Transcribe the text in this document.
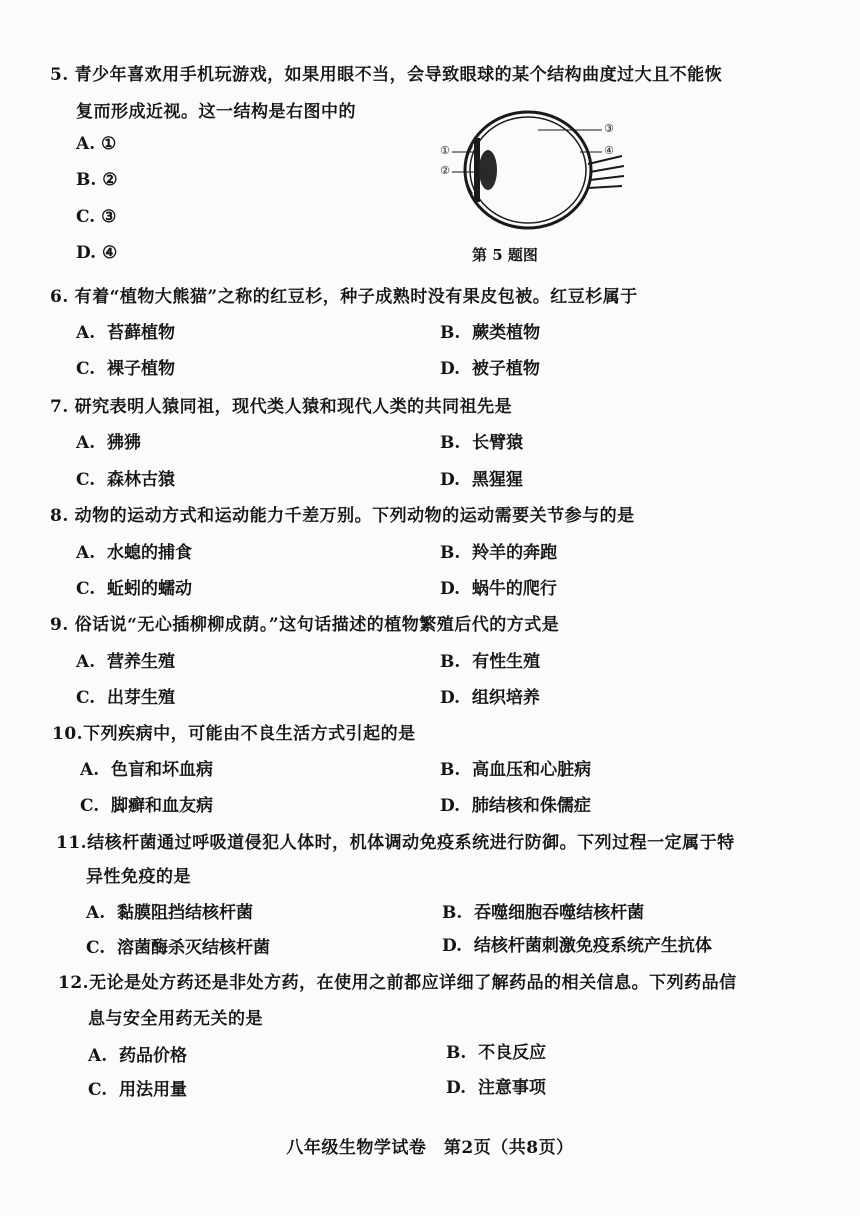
5. 青少年喜欢用手机玩游戏，如果用眼不当，会导致眼球的某个结构曲度过大且不能恢
复而形成近视。这一结构是右图中的
A. ①
B. ②
C. ③
D. ④
①
②
③
④
第 5 题图
6. 有着“植物大熊猫”之称的红豆杉，种子成熟时没有果皮包被。红豆杉属于
A. 苔藓植物	B. 蕨类植物
C. 裸子植物	D. 被子植物
7. 研究表明人猿同祖，现代类人猿和现代人类的共同祖先是
A. 狒狒	B. 长臂猿
C. 森林古猿	D. 黑猩猩
8. 动物的运动方式和运动能力千差万别。下列动物的运动需要关节参与的是
A. 水螅的捕食	B. 羚羊的奔跑
C. 蚯蚓的蠕动	D. 蜗牛的爬行
9. 俗话说“无心插柳柳成荫。”这句话描述的植物繁殖后代的方式是
A. 营养生殖	B. 有性生殖
C. 出芽生殖	D. 组织培养
10.下列疾病中，可能由不良生活方式引起的是
A. 色盲和坏血病	B. 高血压和心脏病
C. 脚癣和血友病	D. 肺结核和侏儒症
11.结核杆菌通过呼吸道侵犯人体时，机体调动免疫系统进行防御。下列过程一定属于特
异性免疫的是
A. 黏膜阻挡结核杆菌	B. 吞噬细胞吞噬结核杆菌
C. 溶菌酶杀灭结核杆菌	D. 结核杆菌刺激免疫系统产生抗体
12.无论是处方药还是非处方药，在使用之前都应详细了解药品的相关信息。下列药品信
息与安全用药无关的是
A. 药品价格	B. 不良反应
C. 用法用量	D. 注意事项
八年级生物学试卷　第2页（共8页）
